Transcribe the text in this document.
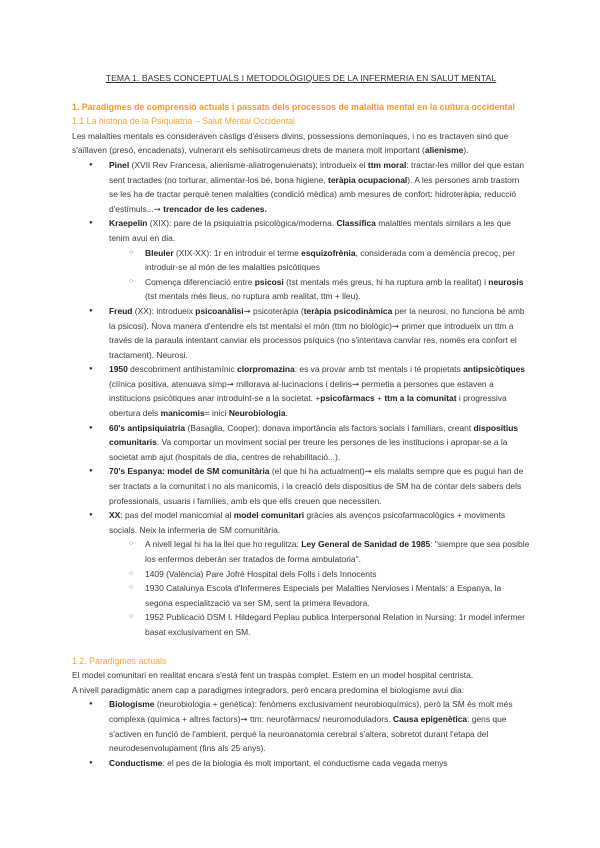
TEMA 1. BASES CONCEPTUALS I METODOLÒGIQUES DE LA INFERMERIA EN SALUT MENTAL
1. Paradigmes de comprensió actuals i passats dels processos de malaltia mental en la cultura occidental
1.1 La història de la Psiquiatria – Salut Mental Occidental
Les malalties mentals es consideraven càstigs d'éssers divins, possessions demoníaques, i no es tractaven sinó que s'aïllaven (presó, encadenats), vulnerant els sehisotircameus drets de manera molt important (alienisme).
● Pinel (XVII Rev Francesa, alienisme-aliatrogenuienats): introdueix el ttm moral: tractar-les millor del que estan sent tractades (no torturar, alimentar-los bé, bona higiene, teràpia ocupacional). A les persones amb trastorn se les ha de tractar perquè tenen malalties (condició mèdica) amb mesures de confort: hidroteràpia, reducció d'estímuls...➞ trencador de les cadenes.
● Kraepelin (XIX): pare de la psiquiatria psicològica/moderna. Classifica malalties mentals similars a les que tenim avui en dia.
○ Bleuler (XIX-XX): 1r en introduir el terme esquizofrènia, considerada com a demència precoç, per introduir-se al món de les malalties psicòtiques
○ Comença diferenciació entre psicosi (tst mentals més greus, hi ha ruptura amb la realitat) i neurosis (tst mentals més lleus, no ruptura amb realitat, ttm + lleu).
● Freud (XX): introdueix psicoanàlisi➞ psicoteràpia (teràpia psicodinàmica per la neurosi, no funciona bé amb la psicosi). Nova manera d'entendre els tst mentalsi el món (ttm no biològic)➞ primer que introdueix un ttm a través de la paraula intentant canviar els processos psíquics (no s'intentava canviar res, només era confort el tractament). Neurosi.
● 1950 descobriment antihistamínic clorpromazina: es va provar amb tst mentals i té propietats antipsicòtiques (clínica positiva, atenuava símp➞ millorava al·lucinacions i deliris➞ permetia a persones que estaven a institucions psicòtiques anar introduint-se a la societat. +psicofàrmacs + ttm a la comunitat i progressiva obertura dels manicomis= inici Neurobiologia.
● 60's antipsiquiatria (Basaglia, Cooper): donava importància als factors socials i familiars, creant dispositius comunitaris. Va comportar un moviment social per treure les persones de les institucions i apropar-se a la societat amb ajut (hospitals de dia, centres de rehabilitació...).
● 70's Espanya: model de SM comunitària (el que hi ha actualment)➞ els malalts sempre que es pugui han de ser tractats a la comunitat i no als manicomis, i la creació dels dispositius de SM ha de contar dels sabers dels professionals, usuaris i famílies, amb els que ells creuen que necessiten.
● XX: pas del model manicomial al model comunitari gràcies als avenços psicofarmacològics + moviments socials. Neix la infermeria de SM comunitària.
○ A nivell legal hi ha la llei que ho regulitza: Ley General de Sanidad de 1985: "siempre que sea posible los enfermos deberán ser tratados de forma ambulatoria".
○ 1409 (València) Pare Jofré Hospital dels Folls i dels Innocents
○ 1930 Catalunya Escola d'Infermeres Especials per Malalties Nervioses i Mentals: a Espanya, la segona especialització va ser SM, sent la primera llevadora.
○ 1952 Publicació DSM I. Hildegard Peplau publica Interpersonal Relation in Nursing: 1r model infermer basat exclusivament en SM.
1.2. Paradigmes actuals
El model comunitari en realitat encara s'està fent un traspàs complet. Estem en un model hospital centrista.
A nivell paradigmàtic anem cap a paradigmes integradors, però encara predomina el biologisme avui dia:
● Biologisme (neurobiologia + genètica): fenòmens exclusivament neurobioquímics), però la SM és molt més complexa (química + altres factors)➞ ttm: neurofàrmacs/ neuromoduladors. Causa epigenètica: gens que s'activen en funció de l'ambient, perquè la neuroanatomia cerebral s'altera, sobretot durant l'etapa del neurodesenvolupament (fins als 25 anys).
● Conductisme: el pes de la biologia és molt important, el conductisme cada vegada menys
